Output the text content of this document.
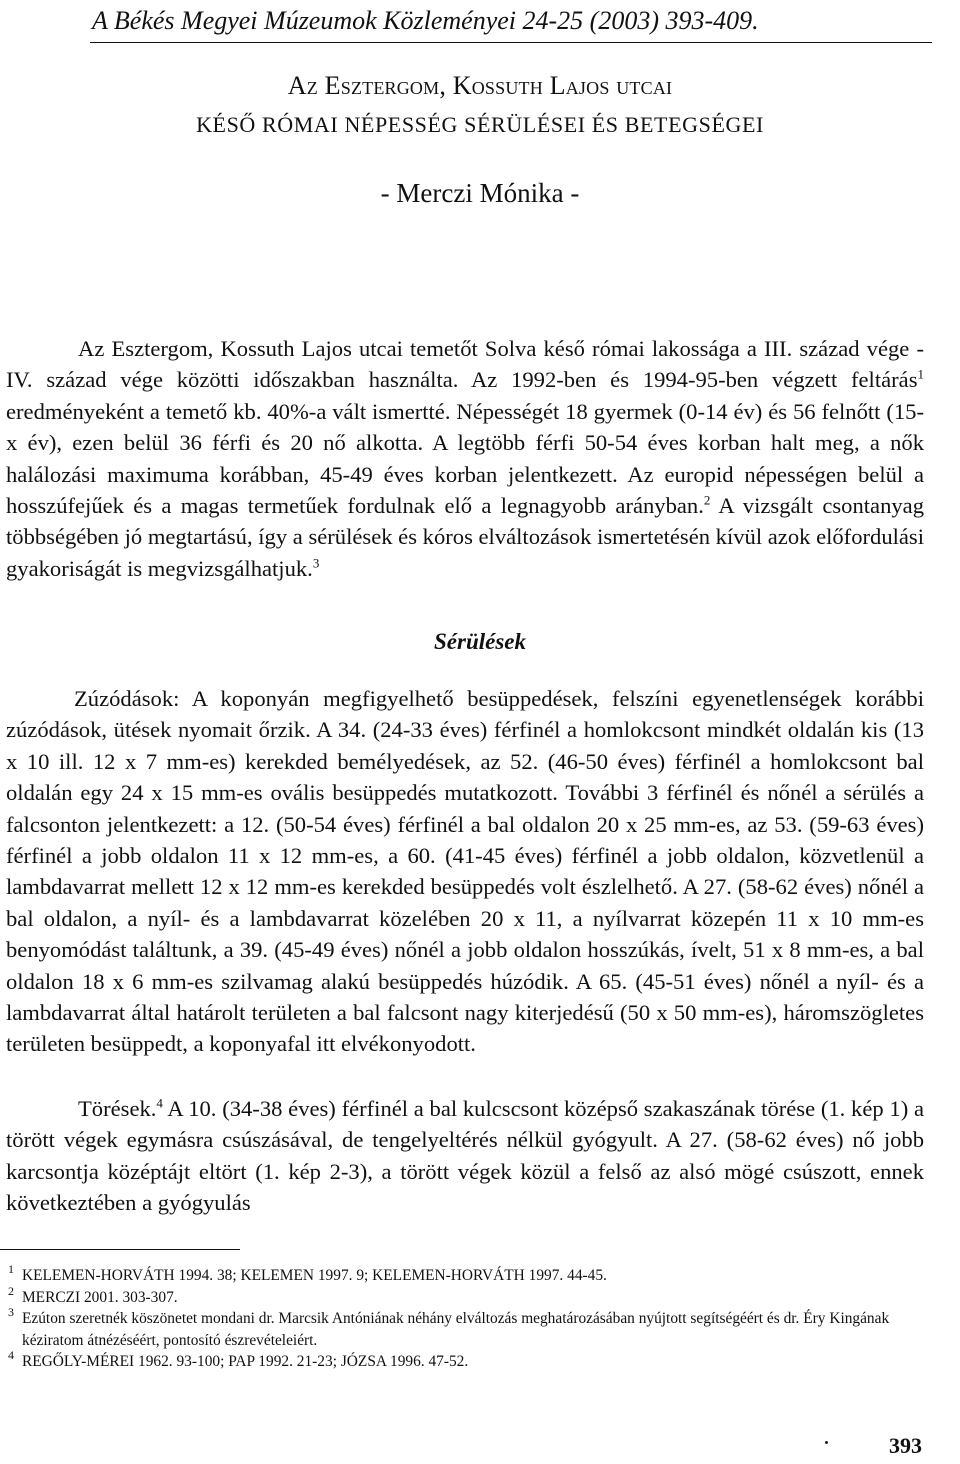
A Békés Megyei Múzeumok Közleményei 24-25 (2003) 393-409.
Az Esztergom, Kossuth Lajos utcai
KÉSŐ RÓMAI NÉPESSÉG SÉRÜLÉSEI ÉS BETEGSÉGEI
- Merczi Mónika -
Az Esztergom, Kossuth Lajos utcai temetőt Solva késő római lakossága a III. század vége - IV. század vége közötti időszakban használta. Az 1992-ben és 1994-95-ben végzett feltárás$^1$ eredményeként a temető kb. 40%-a vált ismertté. Népességét 18 gyermek (0-14 év) és 56 felnőtt (15-x év), ezen belül 36 férfi és 20 nő alkotta. A legtöbb férfi 50-54 éves korban halt meg, a nők halálozási maximuma korábban, 45-49 éves korban jelentkezett. Az europid népességen belül a hosszúfejűek és a magas termetűek fordulnak elő a legnagyobb arányban.$^2$ A vizsgált csontanyag többségében jó megtartású, így a sérülések és kóros elváltozások ismertetésén kívül azok előfordulási gyakoriságát is megvizsgálhatjuk.$^3$
Sérülések
Zúzódások: A koponyán megfigyelhető besüppedések, felszíni egyenetlenségek korábbi zúzódások, ütések nyomait őrzik. A 34. (24-33 éves) férfinél a homlokcsont mindkét oldalán kis (13 x 10 ill. 12 x 7 mm-es) kerekded bemélyedések, az 52. (46-50 éves) férfinél a homlokcsont bal oldalán egy 24 x 15 mm-es ovális besüppedés mutatkozott. További 3 férfinél és nőnél a sérülés a falcsonton jelentkezett: a 12. (50-54 éves) férfinél a bal oldalon 20 x 25 mm-es, az 53. (59-63 éves) férfinél a jobb oldalon 11 x 12 mm-es, a 60. (41-45 éves) férfinél a jobb oldalon, közvetlenül a lambdavarrat mellett 12 x 12 mm-es kerekded besüppedés volt észlelhető. A 27. (58-62 éves) nőnél a bal oldalon, a nyíl- és a lambdavarrat közelében 20 x 11, a nyílvarrat közepén 11 x 10 mm-es benyomódást találtunk, a 39. (45-49 éves) nőnél a jobb oldalon hosszúkás, ívelt, 51 x 8 mm-es, a bal oldalon 18 x 6 mm-es szilvamag alakú besüppedés húzódik. A 65. (45-51 éves) nőnél a nyíl- és a lambdavarrat által határolt területen a bal falcsont nagy kiterjedésű (50 x 50 mm-es), háromszögletes területen besüppedt, a koponyafal itt elvékonyodott.
Törések.$^4$ A 10. (34-38 éves) férfinél a bal kulcscsont középső szakaszának törése (1. kép 1) a törött végek egymásra csúszásával, de tengelyeltérés nélkül gyógyult. A 27. (58-62 éves) nő jobb karcsontja középtájt eltört (1. kép 2-3), a törött végek közül a felső az alsó mögé csúszott, ennek következtében a gyógyulás
1 KELEMEN-HORVÁTH 1994. 38; KELEMEN 1997. 9; KELEMEN-HORVÁTH 1997. 44-45.
2 MERCZI 2001. 303-307.
3 Ezúton szeretnék köszönetet mondani dr. Marcsik Antóniának néhány elváltozás meghatározásában nyújtott segítségéért és dr. Éry Kingának kéziratom átnézéséért, pontosító észrevételeiért.
4 REGŐLY-MÉREI 1962. 93-100; PAP 1992. 21-23; JÓZSA 1996. 47-52.
393
